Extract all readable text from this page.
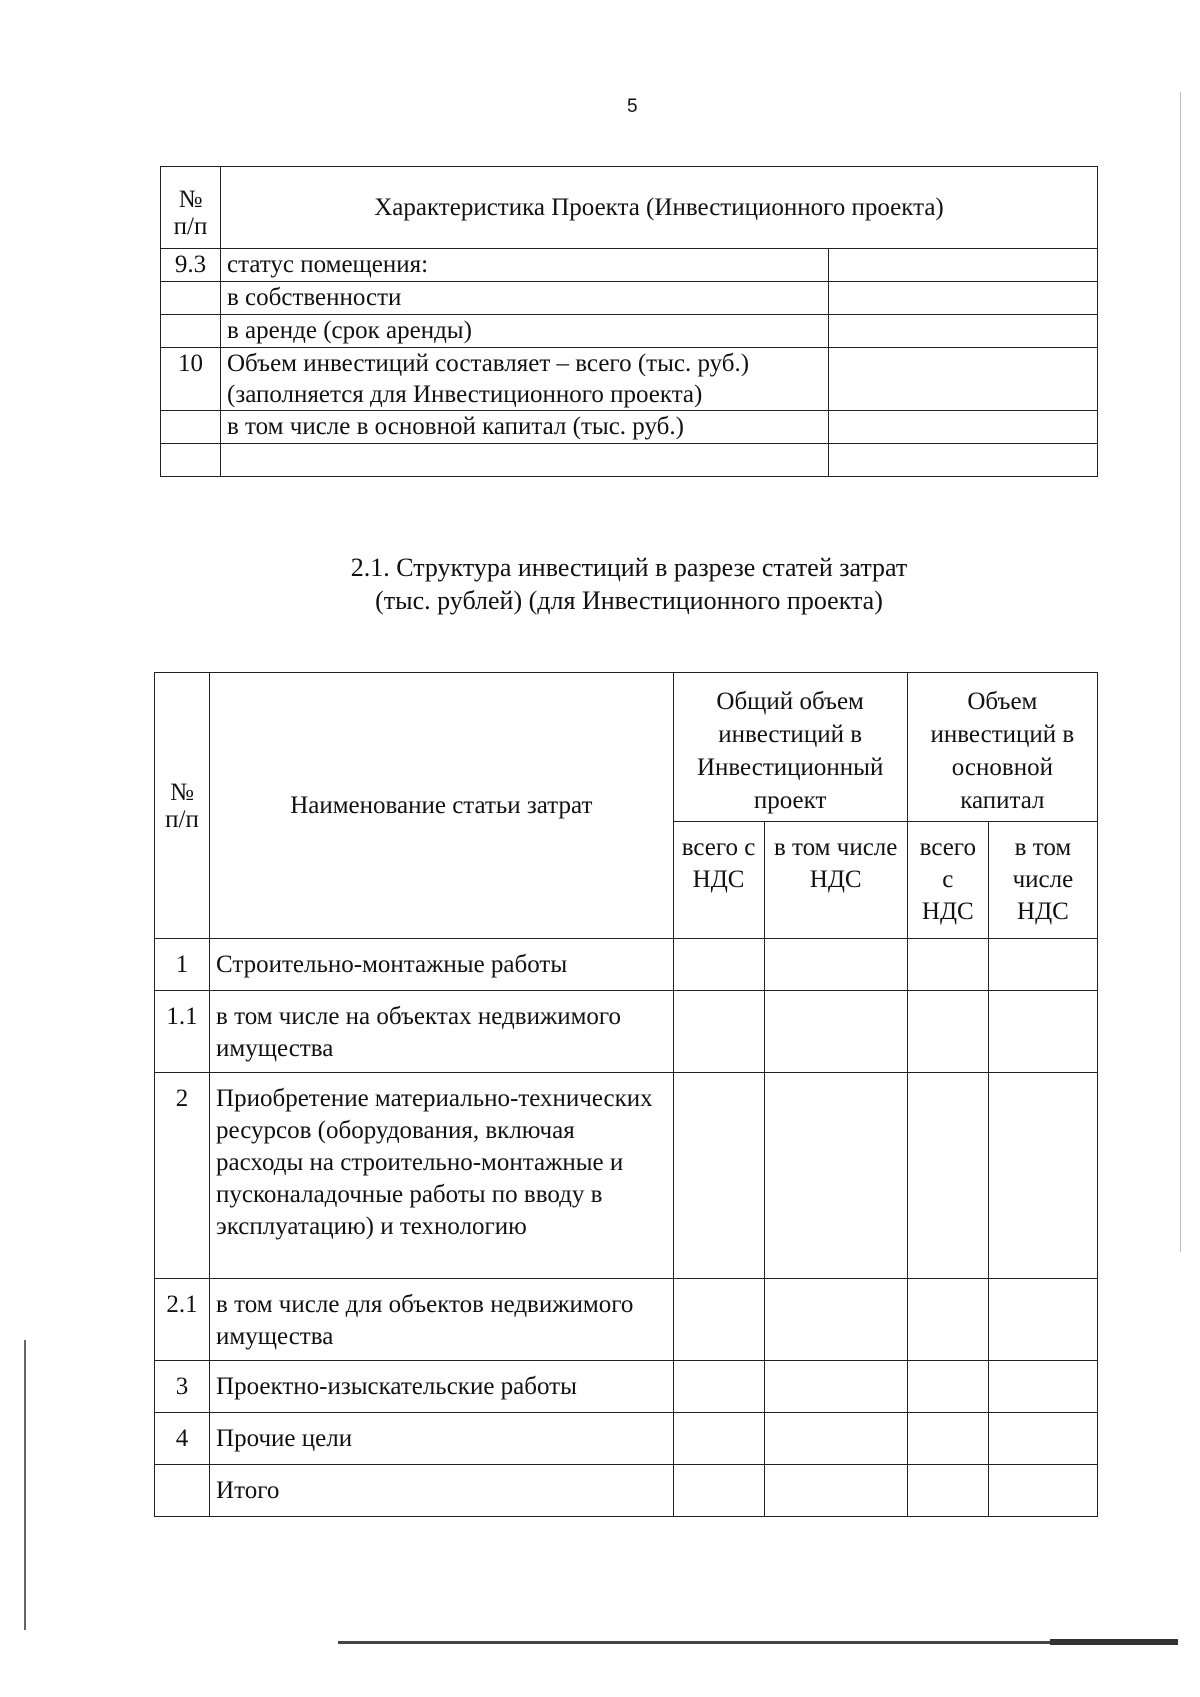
5
№ п/п	Характеристика Проекта (Инвестиционного проекта)	
9.3	статус помещения:	
	в собственности	
	в аренде (срок аренды)	
10	Объем инвестиций составляет – всего (тыс. руб.) (заполняется для Инвестиционного проекта)	
	в том числе в основной капитал (тыс. руб.)	

2.1. Структура инвестиций в разрезе статей затрат
(тыс. рублей) (для Инвестиционного проекта)
№ п/п	Наименование статьи затрат	Общий объем инвестиций в Инвестиционный проект		Объем инвестиций в основной капитал	
		всего с НДС	в том числе НДС	всего с НДС	в том числе НДС
1	Строительно-монтажные работы				
1.1	в том числе на объектах недвижимого имущества				
2	Приобретение материально-технических ресурсов (оборудования, включая расходы на строительно-монтажные и пусконаладочные работы по вводу в эксплуатацию) и технологию				
2.1	в том числе для объектов недвижимого имущества				
3	Проектно-изыскательские работы				
4	Прочие цели				
	Итого				
